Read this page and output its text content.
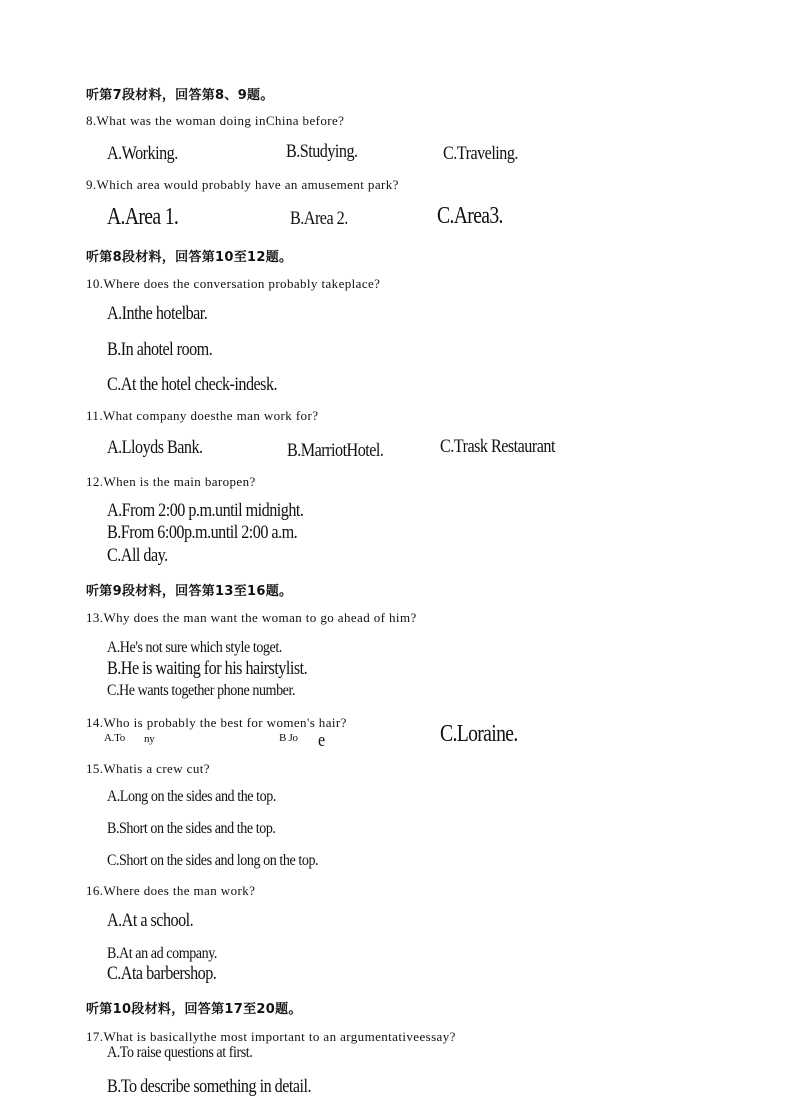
听第7段材料，回答第8、9题。
8.What was the woman doing inChina before?
A.Working.	B.Studying.	C.Traveling.
9.Which area would probably have an amusement park?
A.Area 1.	B.Area 2.	C.Area3.
听第8段材料，回答第10至12题。
10.Where does the conversation probably takeplace?
A.Inthe hotelbar.
B.In ahotel room.
C.At the hotel check-indesk.
11.What company doesthe man work for?
A.Lloyds Bank.	B.MarriotHotel.	C.Trask Restaurant
12.When is the main baropen?
A.From 2:00 p.m.until midnight.
B.From 6:00p.m.until 2:00 a.m.
C.All day.
听第9段材料，回答第13至16题。
13.Why does the man want the woman to go ahead of him?
A.He's not sure which style toget.
B.He is waiting for his hairstylist.
C.He wants together phone number.
14.Who is probably the best for women's hair?
A.To ny	B Jo e	C.Loraine.
15.Whatis a crew cut?
A.Long on the sides and the top.
B.Short on the sides and the top.
C.Short on the sides and long on the top.
16.Where does the man work?
A.At a school.
B.At an ad company.
C.Ata barbershop.
听第10段材料，回答第17至20题。
17.What is basicallythe most important to an argumentativeessay?
A.To raise questions at first.
B.To describe something in detail.
